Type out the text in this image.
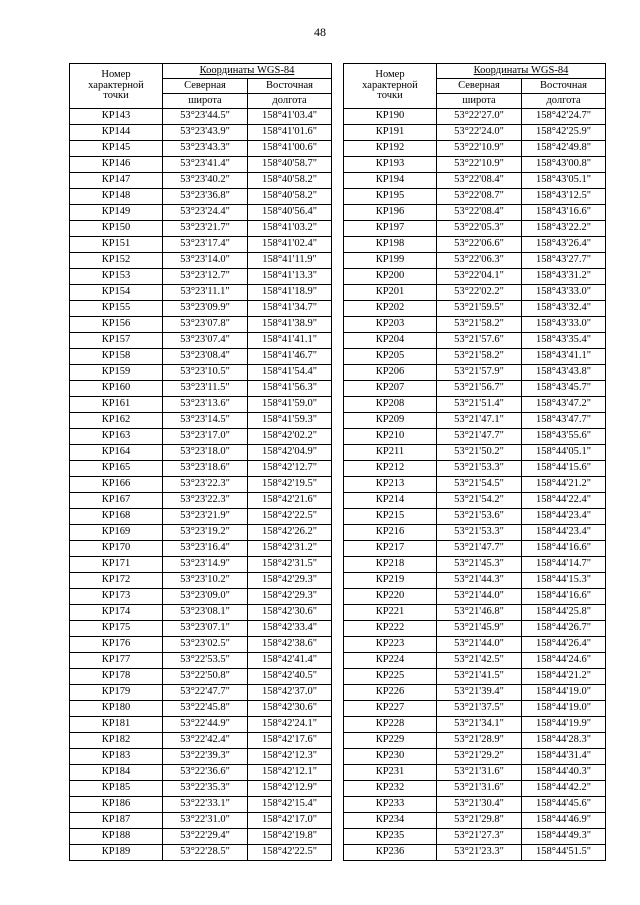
48
Номер
характерной
точки	Координаты WGS-84	
	Северная	Восточная
	широта	долгота
КР143	53°23'44.5"	158°41'03.4"
КР144	53°23'43.9"	158°41'01.6"
КР145	53°23'43.3"	158°41'00.6"
КР146	53°23'41.4"	158°40'58.7"
КР147	53°23'40.2"	158°40'58.2"
КР148	53°23'36.8"	158°40'58.2"
КР149	53°23'24.4"	158°40'56.4"
КР150	53°23'21.7"	158°41'03.2"
КР151	53°23'17.4"	158°41'02.4"
КР152	53°23'14.0"	158°41'11.9"
КР153	53°23'12.7"	158°41'13.3"
КР154	53°23'11.1"	158°41'18.9"
КР155	53°23'09.9"	158°41'34.7"
КР156	53°23'07.8"	158°41'38.9"
КР157	53°23'07.4"	158°41'41.1"
КР158	53°23'08.4"	158°41'46.7"
КР159	53°23'10.5"	158°41'54.4"
КР160	53°23'11.5"	158°41'56.3"
КР161	53°23'13.6"	158°41'59.0"
КР162	53°23'14.5"	158°41'59.3"
КР163	53°23'17.0"	158°42'02.2"
КР164	53°23'18.0"	158°42'04.9"
КР165	53°23'18.6"	158°42'12.7"
КР166	53°23'22.3"	158°42'19.5"
КР167	53°23'22.3"	158°42'21.6"
КР168	53°23'21.9"	158°42'22.5"
КР169	53°23'19.2"	158°42'26.2"
КР170	53°23'16.4"	158°42'31.2"
КР171	53°23'14.9"	158°42'31.5"
КР172	53°23'10.2"	158°42'29.3"
КР173	53°23'09.0"	158°42'29.3"
КР174	53°23'08.1"	158°42'30.6"
КР175	53°23'07.1"	158°42'33.4"
КР176	53°23'02.5"	158°42'38.6"
КР177	53°22'53.5"	158°42'41.4"
КР178	53°22'50.8"	158°42'40.5"
КР179	53°22'47.7"	158°42'37.0"
КР180	53°22'45.8"	158°42'30.6"
КР181	53°22'44.9"	158°42'24.1"
КР182	53°22'42.4"	158°42'17.6"
КР183	53°22'39.3"	158°42'12.3"
КР184	53°22'36.6"	158°42'12.1"
КР185	53°22'35.3"	158°42'12.9"
КР186	53°22'33.1"	158°42'15.4"
КР187	53°22'31.0"	158°42'17.0"
КР188	53°22'29.4"	158°42'19.8"
КР189	53°22'28.5"	158°42'22.5"
Номер
характерной
точки	Координаты WGS-84	
	Северная	Восточная
	широта	долгота
КР190	53°22'27.0"	158°42'24.7"
КР191	53°22'24.0"	158°42'25.9"
КР192	53°22'10.9"	158°42'49.8"
КР193	53°22'10.9"	158°43'00.8"
КР194	53°22'08.4"	158°43'05.1"
КР195	53°22'08.7"	158°43'12.5"
КР196	53°22'08.4"	158°43'16.6"
КР197	53°22'05.3"	158°43'22.2"
КР198	53°22'06.6"	158°43'26.4"
КР199	53°22'06.3"	158°43'27.7"
КР200	53°22'04.1"	158°43'31.2"
КР201	53°22'02.2"	158°43'33.0"
КР202	53°21'59.5"	158°43'32.4"
КР203	53°21'58.2"	158°43'33.0"
КР204	53°21'57.6"	158°43'35.4"
КР205	53°21'58.2"	158°43'41.1"
КР206	53°21'57.9"	158°43'43.8"
КР207	53°21'56.7"	158°43'45.7"
КР208	53°21'51.4"	158°43'47.2"
КР209	53°21'47.1"	158°43'47.7"
КР210	53°21'47.7"	158°43'55.6"
КР211	53°21'50.2"	158°44'05.1"
КР212	53°21'53.3"	158°44'15.6"
КР213	53°21'54.5"	158°44'21.2"
КР214	53°21'54.2"	158°44'22.4"
КР215	53°21'53.6"	158°44'23.4"
КР216	53°21'53.3"	158°44'23.4"
КР217	53°21'47.7"	158°44'16.6"
КР218	53°21'45.3"	158°44'14.7"
КР219	53°21'44.3"	158°44'15.3"
КР220	53°21'44.0"	158°44'16.6"
КР221	53°21'46.8"	158°44'25.8"
КР222	53°21'45.9"	158°44'26.7"
КР223	53°21'44.0"	158°44'26.4"
КР224	53°21'42.5"	158°44'24.6"
КР225	53°21'41.5"	158°44'21.2"
КР226	53°21'39.4"	158°44'19.0"
КР227	53°21'37.5"	158°44'19.0"
КР228	53°21'34.1"	158°44'19.9"
КР229	53°21'28.9"	158°44'28.3"
КР230	53°21'29.2"	158°44'31.4"
КР231	53°21'31.6"	158°44'40.3"
КР232	53°21'31.6"	158°44'42.2"
КР233	53°21'30.4"	158°44'45.6"
КР234	53°21'29.8"	158°44'46.9"
КР235	53°21'27.3"	158°44'49.3"
КР236	53°21'23.3"	158°44'51.5"
